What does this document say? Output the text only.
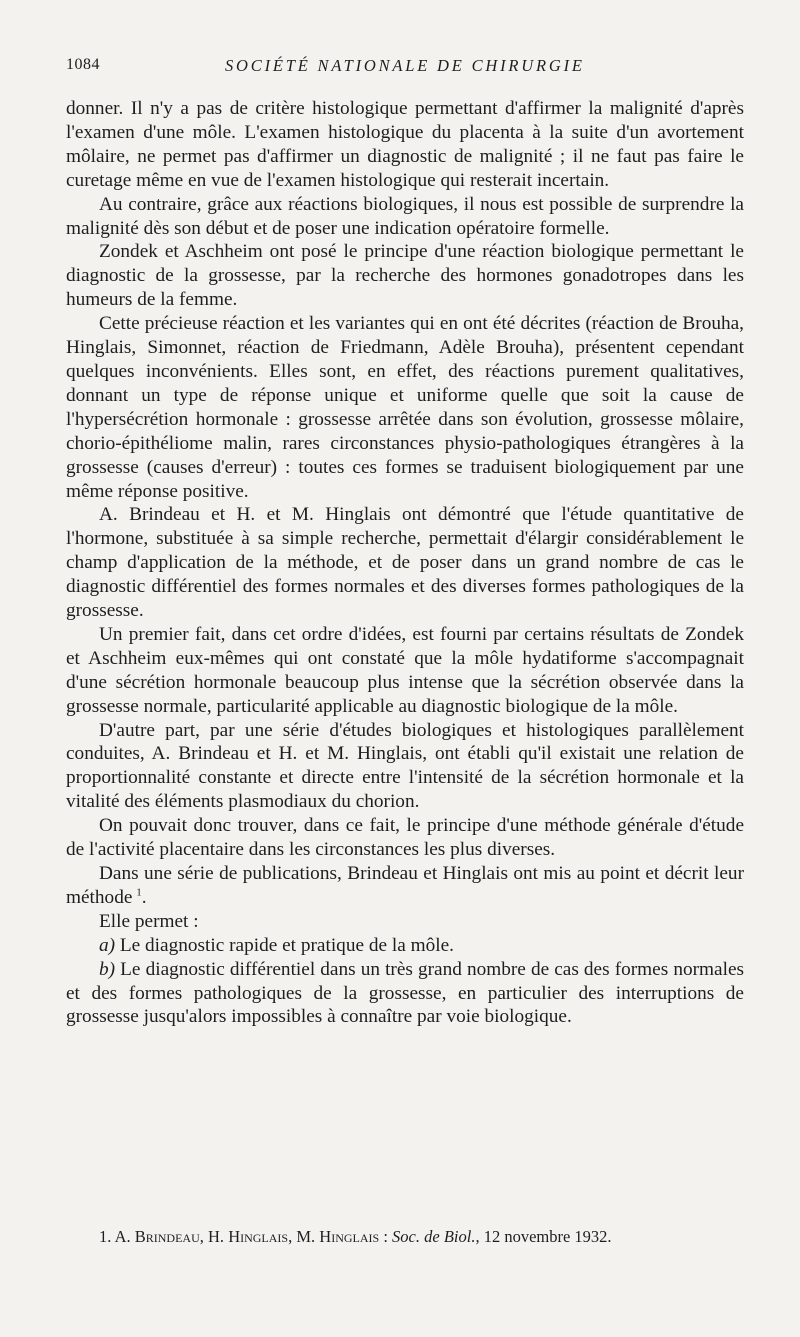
1084	SOCIÉTÉ NATIONALE DE CHIRURGIE

donner. Il n'y a pas de critère histologique permettant d'affirmer la malignité d'après l'examen d'une môle. L'examen histologique du placenta à la suite d'un avortement môlaire, ne permet pas d'affirmer un diagnostic de malignité ; il ne faut pas faire le curetage même en vue de l'examen histologique qui resterait incertain.

Au contraire, grâce aux réactions biologiques, il nous est possible de surprendre la malignité dès son début et de poser une indication opératoire formelle.

Zondek et Aschheim ont posé le principe d'une réaction biologique permettant le diagnostic de la grossesse, par la recherche des hormones gonadotropes dans les humeurs de la femme.

Cette précieuse réaction et les variantes qui en ont été décrites (réaction de Brouha, Hinglais, Simonnet, réaction de Friedmann, Adèle Brouha), présentent cependant quelques inconvénients. Elles sont, en effet, des réactions purement qualitatives, donnant un type de réponse unique et uniforme quelle que soit la cause de l'hypersécrétion hormonale : grossesse arrêtée dans son évolution, grossesse môlaire, chorio-épithéliome malin, rares circonstances physio-pathologiques étrangères à la grossesse (causes d'erreur) : toutes ces formes se traduisent biologiquement par une même réponse positive.

A. Brindeau et H. et M. Hinglais ont démontré que l'étude quantitative de l'hormone, substituée à sa simple recherche, permettait d'élargir considérablement le champ d'application de la méthode, et de poser dans un grand nombre de cas le diagnostic différentiel des formes normales et des diverses formes pathologiques de la grossesse.

Un premier fait, dans cet ordre d'idées, est fourni par certains résultats de Zondek et Aschheim eux-mêmes qui ont constaté que la môle hydatiforme s'accompagnait d'une sécrétion hormonale beaucoup plus intense que la sécrétion observée dans la grossesse normale, particularité applicable au diagnostic biologique de la môle.

D'autre part, par une série d'études biologiques et histologiques parallèlement conduites, A. Brindeau et H. et M. Hinglais, ont établi qu'il existait une relation de proportionnalité constante et directe entre l'intensité de la sécrétion hormonale et la vitalité des éléments plasmodiaux du chorion.

On pouvait donc trouver, dans ce fait, le principe d'une méthode générale d'étude de l'activité placentaire dans les circonstances les plus diverses.

Dans une série de publications, Brindeau et Hinglais ont mis au point et décrit leur méthode  $^1$.

Elle permet :

a) Le diagnostic rapide et pratique de la môle.

b) Le diagnostic différentiel dans un très grand nombre de cas des formes normales et des formes pathologiques de la grossesse, en particulier des interruptions de grossesse jusqu'alors impossibles à connaître par voie biologique.

1. A. Brindeau, H. Hinglais, M. Hinglais : Soc. de Biol., 12 novembre 1932.
